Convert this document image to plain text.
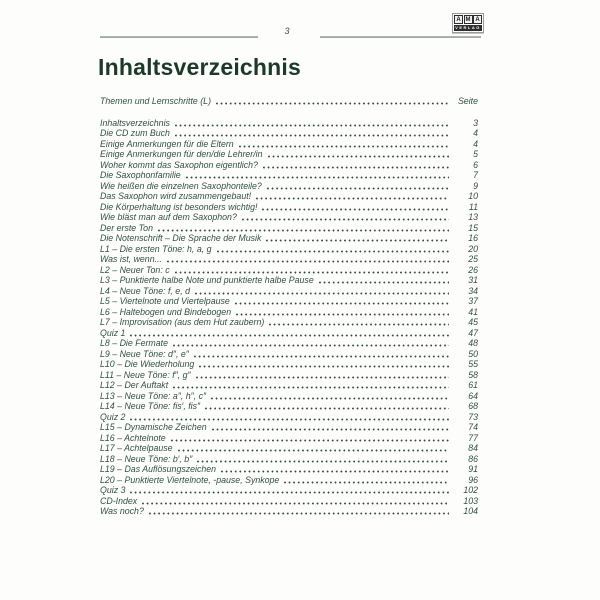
3
A M A
VERLAG
Inhaltsverzeichnis
Themen und Lernschritte (L)	Seite
Inhaltsverzeichnis	3
Die CD zum Buch	4
Einige Anmerkungen für die Eltern	4
Einige Anmerkungen für den/die Lehrer/in	5
Woher kommt das Saxophon eigentlich?	6
Die Saxophonfamilie	7
Wie heißen die einzelnen Saxophonteile?	9
Das Saxophon wird zusammengebaut!	10
Die Körperhaltung ist besonders wichtig!	11
Wie bläst man auf dem Saxophon?	13
Der erste Ton	15
Die Notenschrift – Die Sprache der Musik	16
L1 – Die ersten Töne: h, a, g	20
Was ist, wenn...	25
L2 – Neuer Ton: c	26
L3 – Punktierte halbe Note und punktierte halbe Pause	31
L4 – Neue Töne: f, e, d	34
L5 – Viertelnote und Viertelpause	37
L6 – Haltebogen und Bindebogen	41
L7 – Improvisation (aus dem Hut zaubern)	45
Quiz 1	47
L8 – Die Fermate	48
L9 – Neue Töne: d″, e″	50
L10 – Die Wiederholung	55
L11 – Neue Töne: f″, g″	58
L12 – Der Auftakt	61
L13 – Neue Töne: a″, h″, c″	64
L14 – Neue Töne: fis′, fis″	68
Quiz 2	73
L15 – Dynamische Zeichen	74
L16 – Achtelnote	77
L17 – Achtelpause	84
L18 – Neue Töne: b′, b″	86
L19 – Das Auflösungszeichen	91
L20 – Punktierte Viertelnote, -pause, Synkope	96
Quiz 3	102
CD-Index	103
Was noch?	104
